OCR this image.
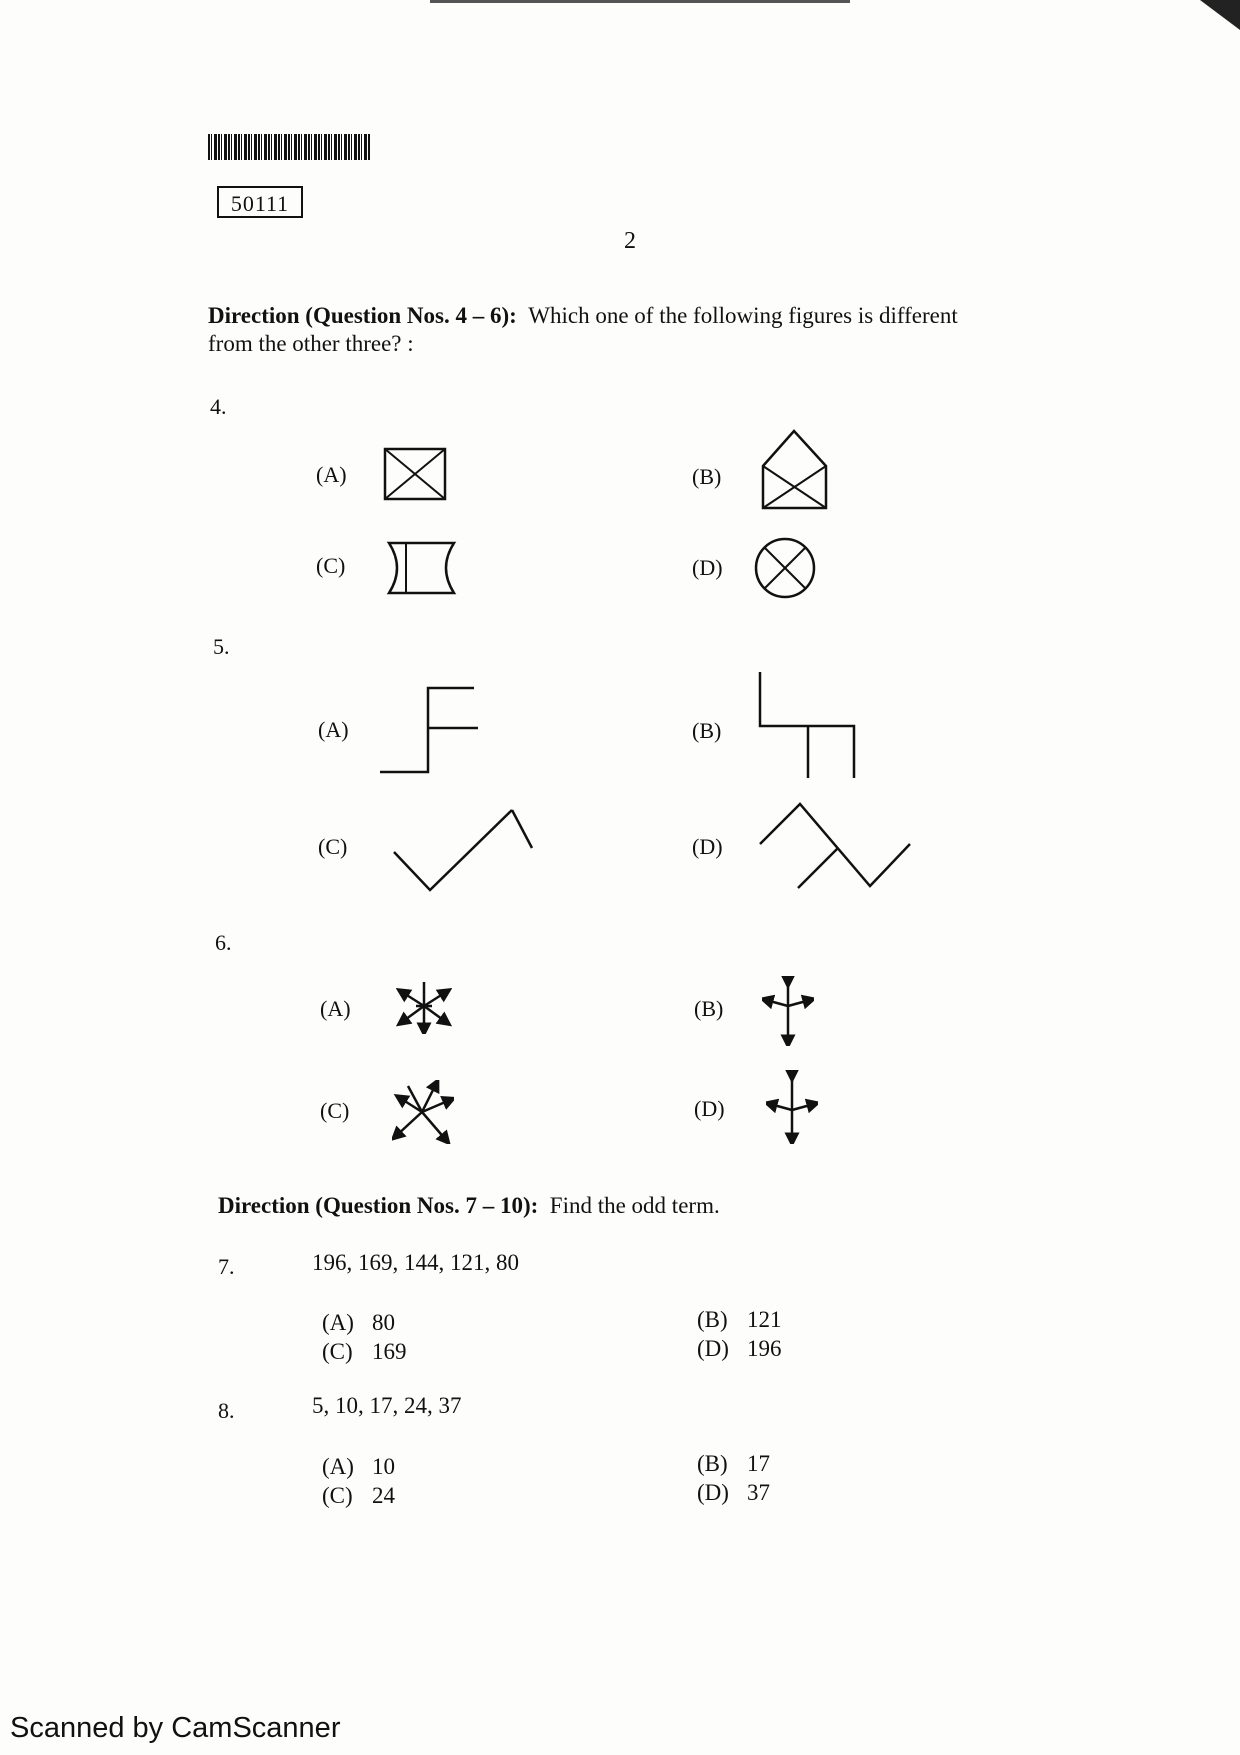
50111
2
Direction (Question Nos. 4 – 6): Which one of the following figures is different
from the other three? :
4.
(A)	(B)
(C)	(D)
5.
(A)	(B)
(C)	(D)
6.
(A)	(B)
(C)	(D)
Direction (Question Nos. 7 – 10): Find the odd term.
7.	196, 169, 144, 121, 80
(A) 80
(C) 169
(B) 121
(D) 196
8.	5, 10, 17, 24, 37
(A) 10
(C) 24
(B) 17
(D) 37
Scanned by CamScanner
